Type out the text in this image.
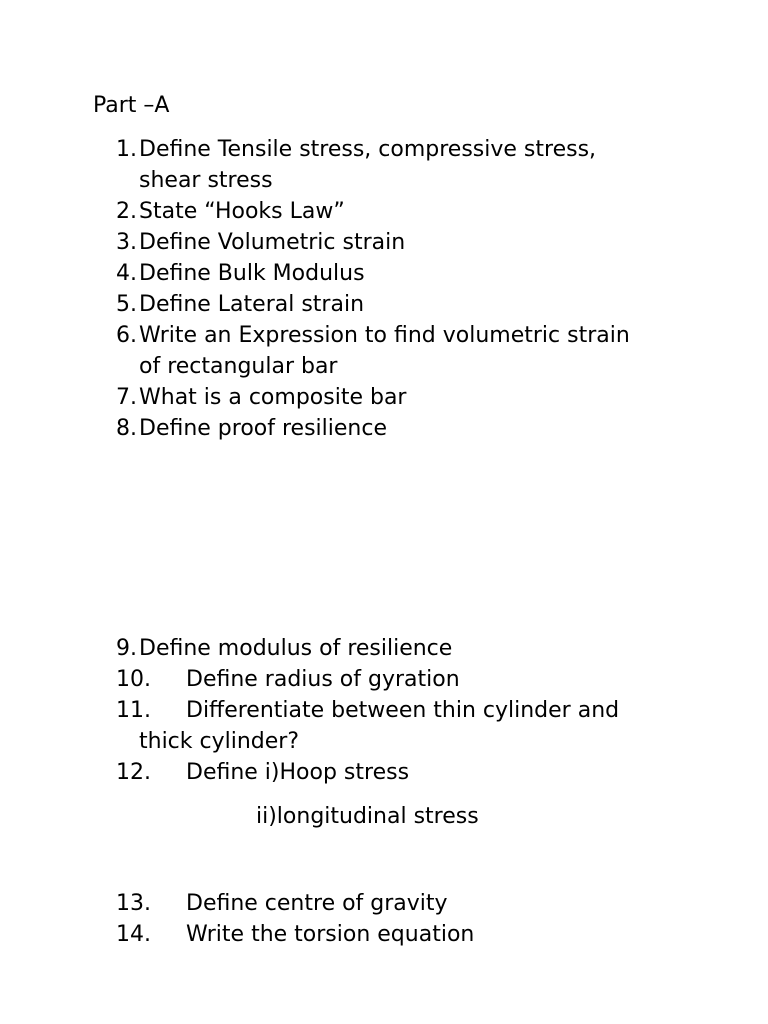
Part –A
1.Define Tensile stress, compressive stress,
shear stress
2.State “Hooks Law”
3.Define Volumetric strain
4.Define Bulk Modulus
5.Define Lateral strain
6.Write an Expression to find volumetric strain
of rectangular bar
7.What is a composite bar
8.Define proof resilience
9.Define modulus of resilience
10. Define radius of gyration
11. Differentiate between thin cylinder and
thick cylinder?
12. Define i)Hoop stress
ii)longitudinal stress
13. Define centre of gravity
14. Write the torsion equation
